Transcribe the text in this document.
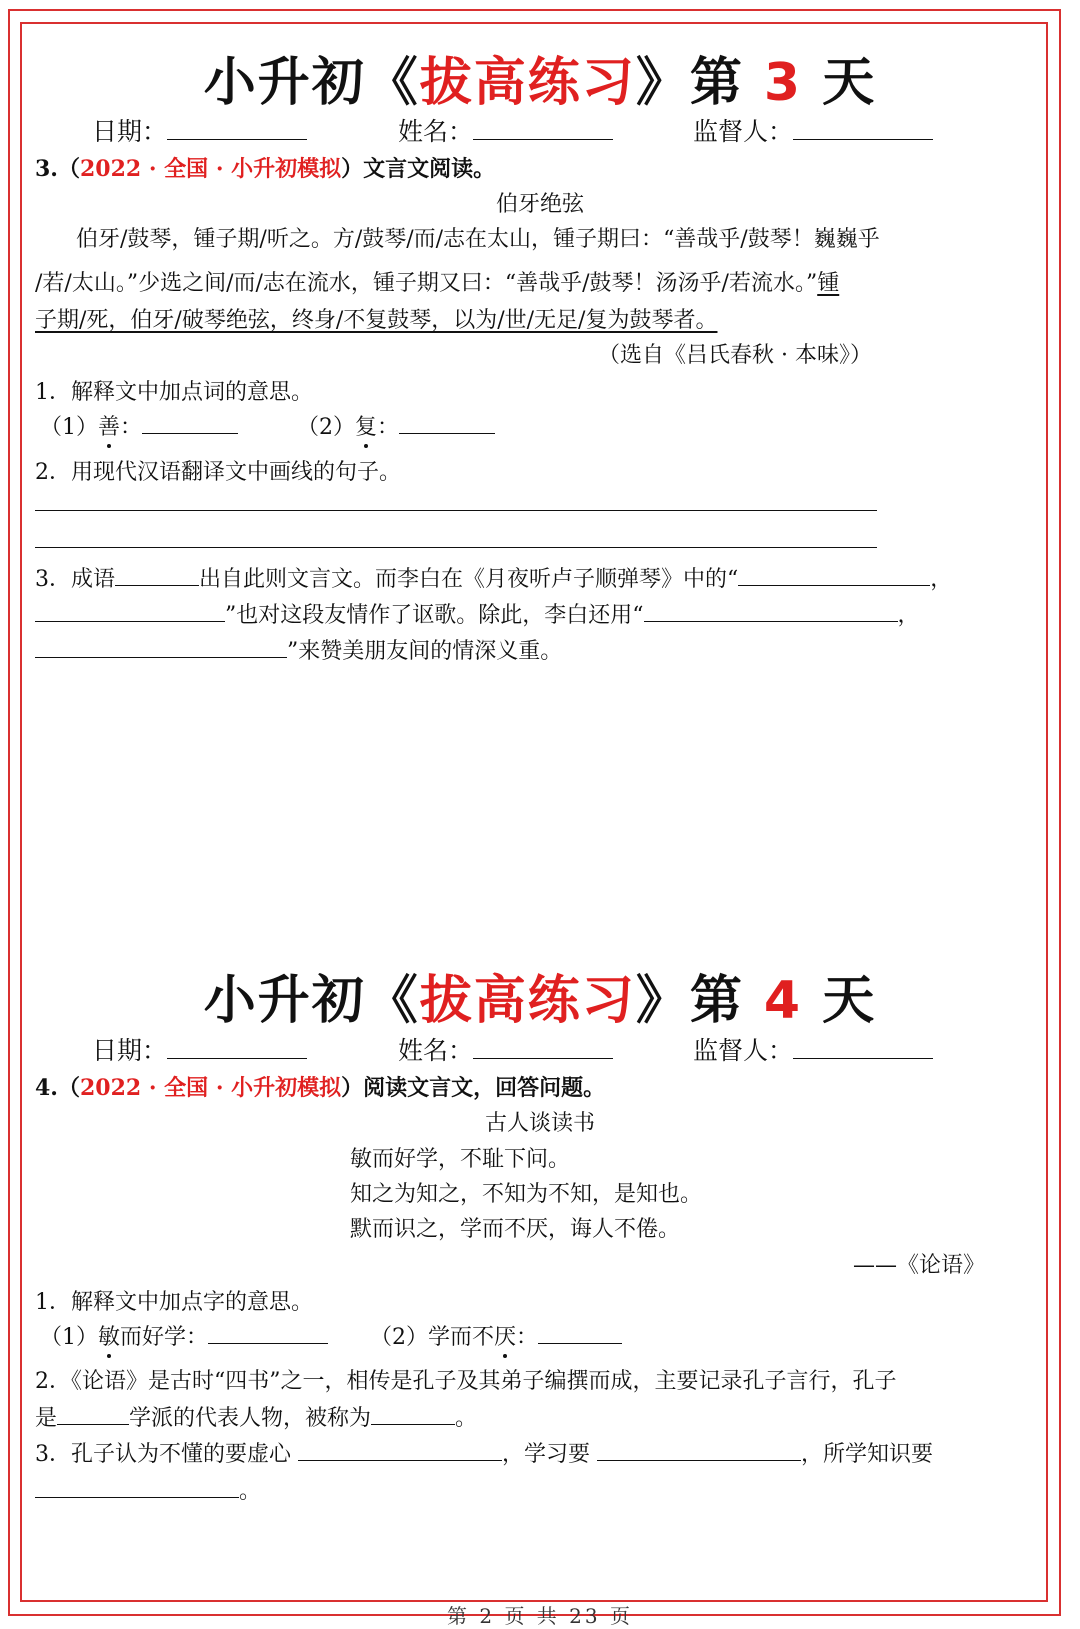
小升初《拔高练习》第 3 天
日期：	姓名：	监督人：
3.（2022 · 全国 · 小升初模拟）文言文阅读。
伯牙绝弦
伯牙/鼓琴，锺子期/听之。方/鼓琴/而/志在太山，锺子期曰：“善哉乎/鼓琴！巍巍乎
/若/太山。”少选之间/而/志在流水，锺子期又曰：“善哉乎/鼓琴！汤汤乎/若流水。”锺
子期/死，伯牙/破琴绝弦，终身/不复鼓琴，以为/世/无足/复为鼓琴者。
（选自《吕氏春秋 · 本味》）
1．解释文中加点词的意思。
（1）善：	（2）复：
2．用现代汉语翻译文中画线的句子。
3．成语	出自此则文言文。而李白在《月夜听卢子顺弹琴》中的“	，
”也对这段友情作了讴歌。除此，李白还用“	，
”来赞美朋友间的情深义重。
小升初《拔高练习》第 4 天
日期：	姓名：	监督人：
4.（2022 · 全国 · 小升初模拟）阅读文言文，回答问题。
古人谈读书
敏而好学，不耻下问。
知之为知之，不知为不知，是知也。
默而识之，学而不厌，诲人不倦。
——《论语》
1．解释文中加点字的意思。
（1）敏而好学：	（2）学而不厌：
2．《论语》是古时“四书”之一，相传是孔子及其弟子编撰而成，主要记录孔子言行，孔子
是	学派的代表人物，被称为	。
3．孔子认为不懂的要虚心	，学习要	，所学知识要
。
第 2 页 共 23 页
